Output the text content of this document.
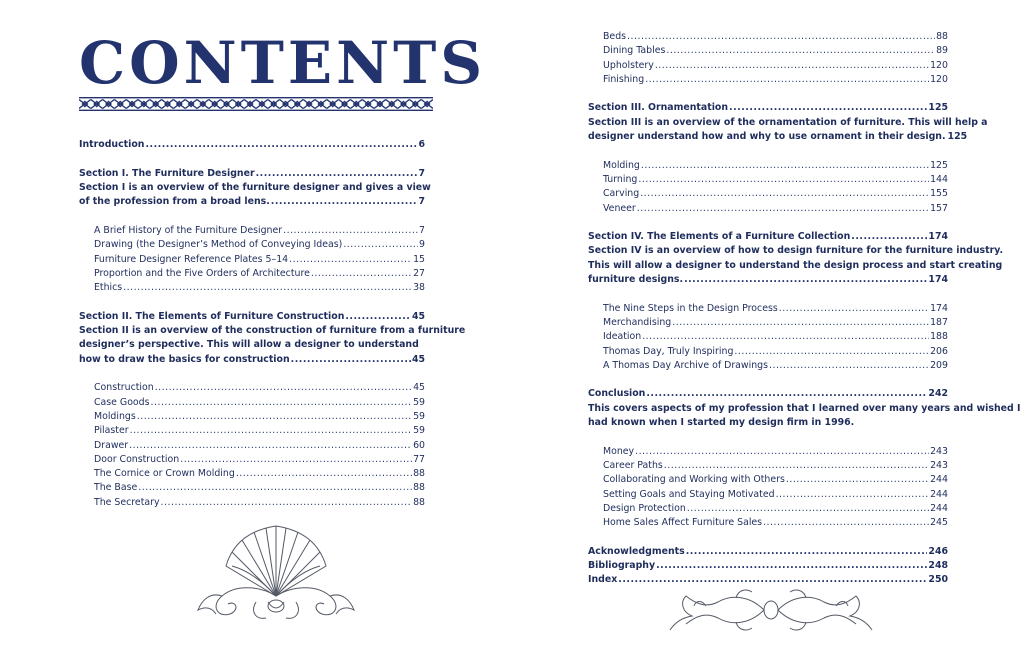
CONTENTS
Introduction .....	6
Section I. The Furniture Designer .....	7
Section I is an overview of the furniture designer and gives a view
of the profession from a broad lens. .....	7
A Brief History of the Furniture Designer .....	7
Drawing (the Designer’s Method of Conveying Ideas) .....	9
Furniture Designer Reference Plates 5–14 .....	15
Proportion and the Five Orders of Architecture .....	27
Ethics .....	38
Section II. The Elements of Furniture Construction .....	45
Section II is an overview of the construction of furniture from a furniture
designer’s perspective. This will allow a designer to understand
how to draw the basics for construction .....	45
Construction .....	45
Case Goods .....	59
Moldings .....	59
Pilaster .....	59
Drawer .....	60
Door Construction .....	77
The Cornice or Crown Molding .....	88
The Base .....	88
The Secretary .....	88
Beds .....	88
Dining Tables .....	89
Upholstery .....	120
Finishing .....	120
Section III. Ornamentation .....	125
Section III is an overview of the ornamentation of furniture. This will help a
designer understand how and why to use ornament in their design. 125
Molding .....	125
Turning .....	144
Carving .....	155
Veneer .....	157
Section IV. The Elements of a Furniture Collection .....	174
Section IV is an overview of how to design furniture for the furniture industry.
This will allow a designer to understand the design process and start creating
furniture designs. .....	174
The Nine Steps in the Design Process .....	174
Merchandising .....	187
Ideation .....	188
Thomas Day, Truly Inspiring .....	206
A Thomas Day Archive of Drawings .....	209
Conclusion .....	242
This covers aspects of my profession that I learned over many years and wished I
had known when I started my design firm in 1996.
Money .....	243
Career Paths .....	243
Collaborating and Working with Others .....	244
Setting Goals and Staying Motivated .....	244
Design Protection .....	244
Home Sales Affect Furniture Sales .....	245
Acknowledgments .....	246
Bibliography .....	248
Index .....	250
